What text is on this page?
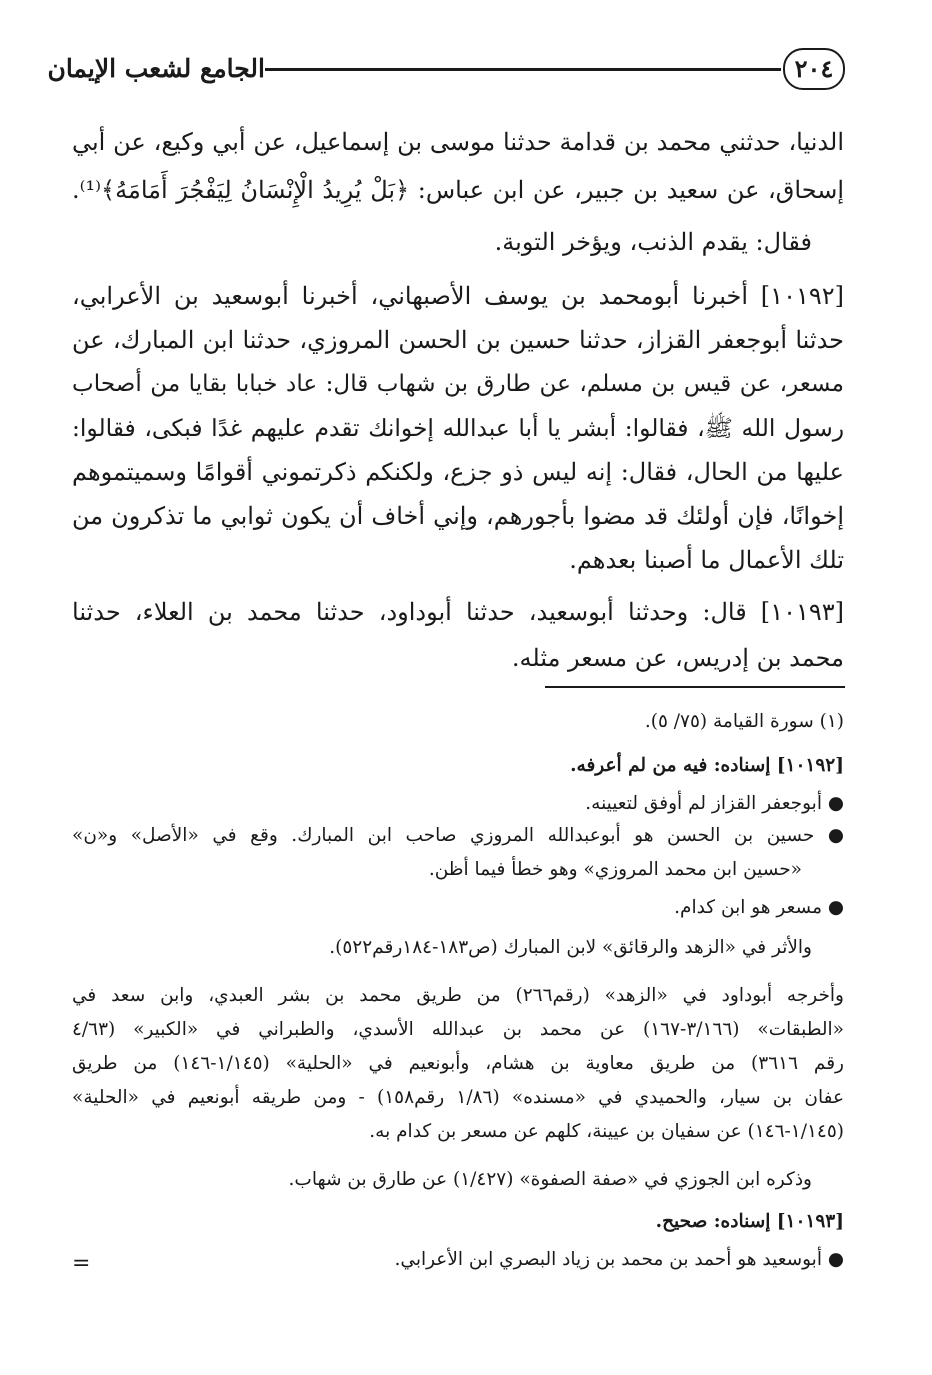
الجامع لشعب الإيمان	٢٠٤
الدنيا، حدثني محمد بن قدامة حدثنا موسى بن إسماعيل، عن أبي وكيع، عن أبي
إسحاق، عن سعيد بن جبير، عن ابن عباس: ﴿بَلْ يُرِيدُ الْإِنْسَانُ لِيَفْجُرَ أَمَامَهُ﴾⁽¹⁾.
فقال: يقدم الذنب، ويؤخر التوبة.
[١٠١٩٢] أخبرنا أبومحمد بن يوسف الأصبهاني، أخبرنا أبوسعيد بن الأعرابي،
حدثنا أبوجعفر القزاز، حدثنا حسين بن الحسن المروزي، حدثنا ابن المبارك، عن
مسعر، عن قيس بن مسلم، عن طارق بن شهاب قال: عاد خبابا بقايا من أصحاب
رسول الله ﷺ، فقالوا: أبشر يا أبا عبدالله إخوانك تقدم عليهم غدًا فبكى، فقالوا:
عليها من الحال، فقال: إنه ليس ذو جزع، ولكنكم ذكرتموني أقوامًا وسميتموهم
إخوانًا، فإن أولئك قد مضوا بأجورهم، وإني أخاف أن يكون ثوابي ما تذكرون من
تلك الأعمال ما أصبنا بعدهم.
[١٠١٩٣] قال: وحدثنا أبوسعيد، حدثنا أبوداود، حدثنا محمد بن العلاء، حدثنا
محمد بن إدريس، عن مسعر مثله.
(١) سورة القيامة (٧٥/ ٥).
[١٠١٩٢] إسناده: فيه من لم أعرفه.
● أبوجعفر القزاز لم أوفق لتعيينه.
● حسين بن الحسن هو أبوعبدالله المروزي صاحب ابن المبارك. وقع في «الأصل» و«ن»
«حسين ابن محمد المروزي» وهو خطأ فيما أظن.
● مسعر هو ابن كدام.
والأثر في «الزهد والرقائق» لابن المبارك (ص١٨٣-١٨٤رقم٥٢٢).
وأخرجه أبوداود في «الزهد» (رقم٢٦٦) من طريق محمد بن بشر العبدي، وابن سعد في
«الطبقات» (٣/١٦٦-١٦٧) عن محمد بن عبدالله الأسدي، والطبراني في «الكبير» (٤/٦٣
رقم ٣٦١٦) من طريق معاوية بن هشام، وأبونعيم في «الحلية» (١/١٤٥-١٤٦) من طريق
عفان بن سيار، والحميدي في «مسنده» (١/٨٦ رقم١٥٨) - ومن طريقه أبونعيم في «الحلية»
(١/١٤٥-١٤٦) عن سفيان بن عيينة، كلهم عن مسعر بن كدام به.
وذكره ابن الجوزي في «صفة الصفوة» (١/٤٢٧) عن طارق بن شهاب.
[١٠١٩٣] إسناده: صحيح.
● أبوسعيد هو أحمد بن محمد بن زياد البصري ابن الأعرابي.
=
